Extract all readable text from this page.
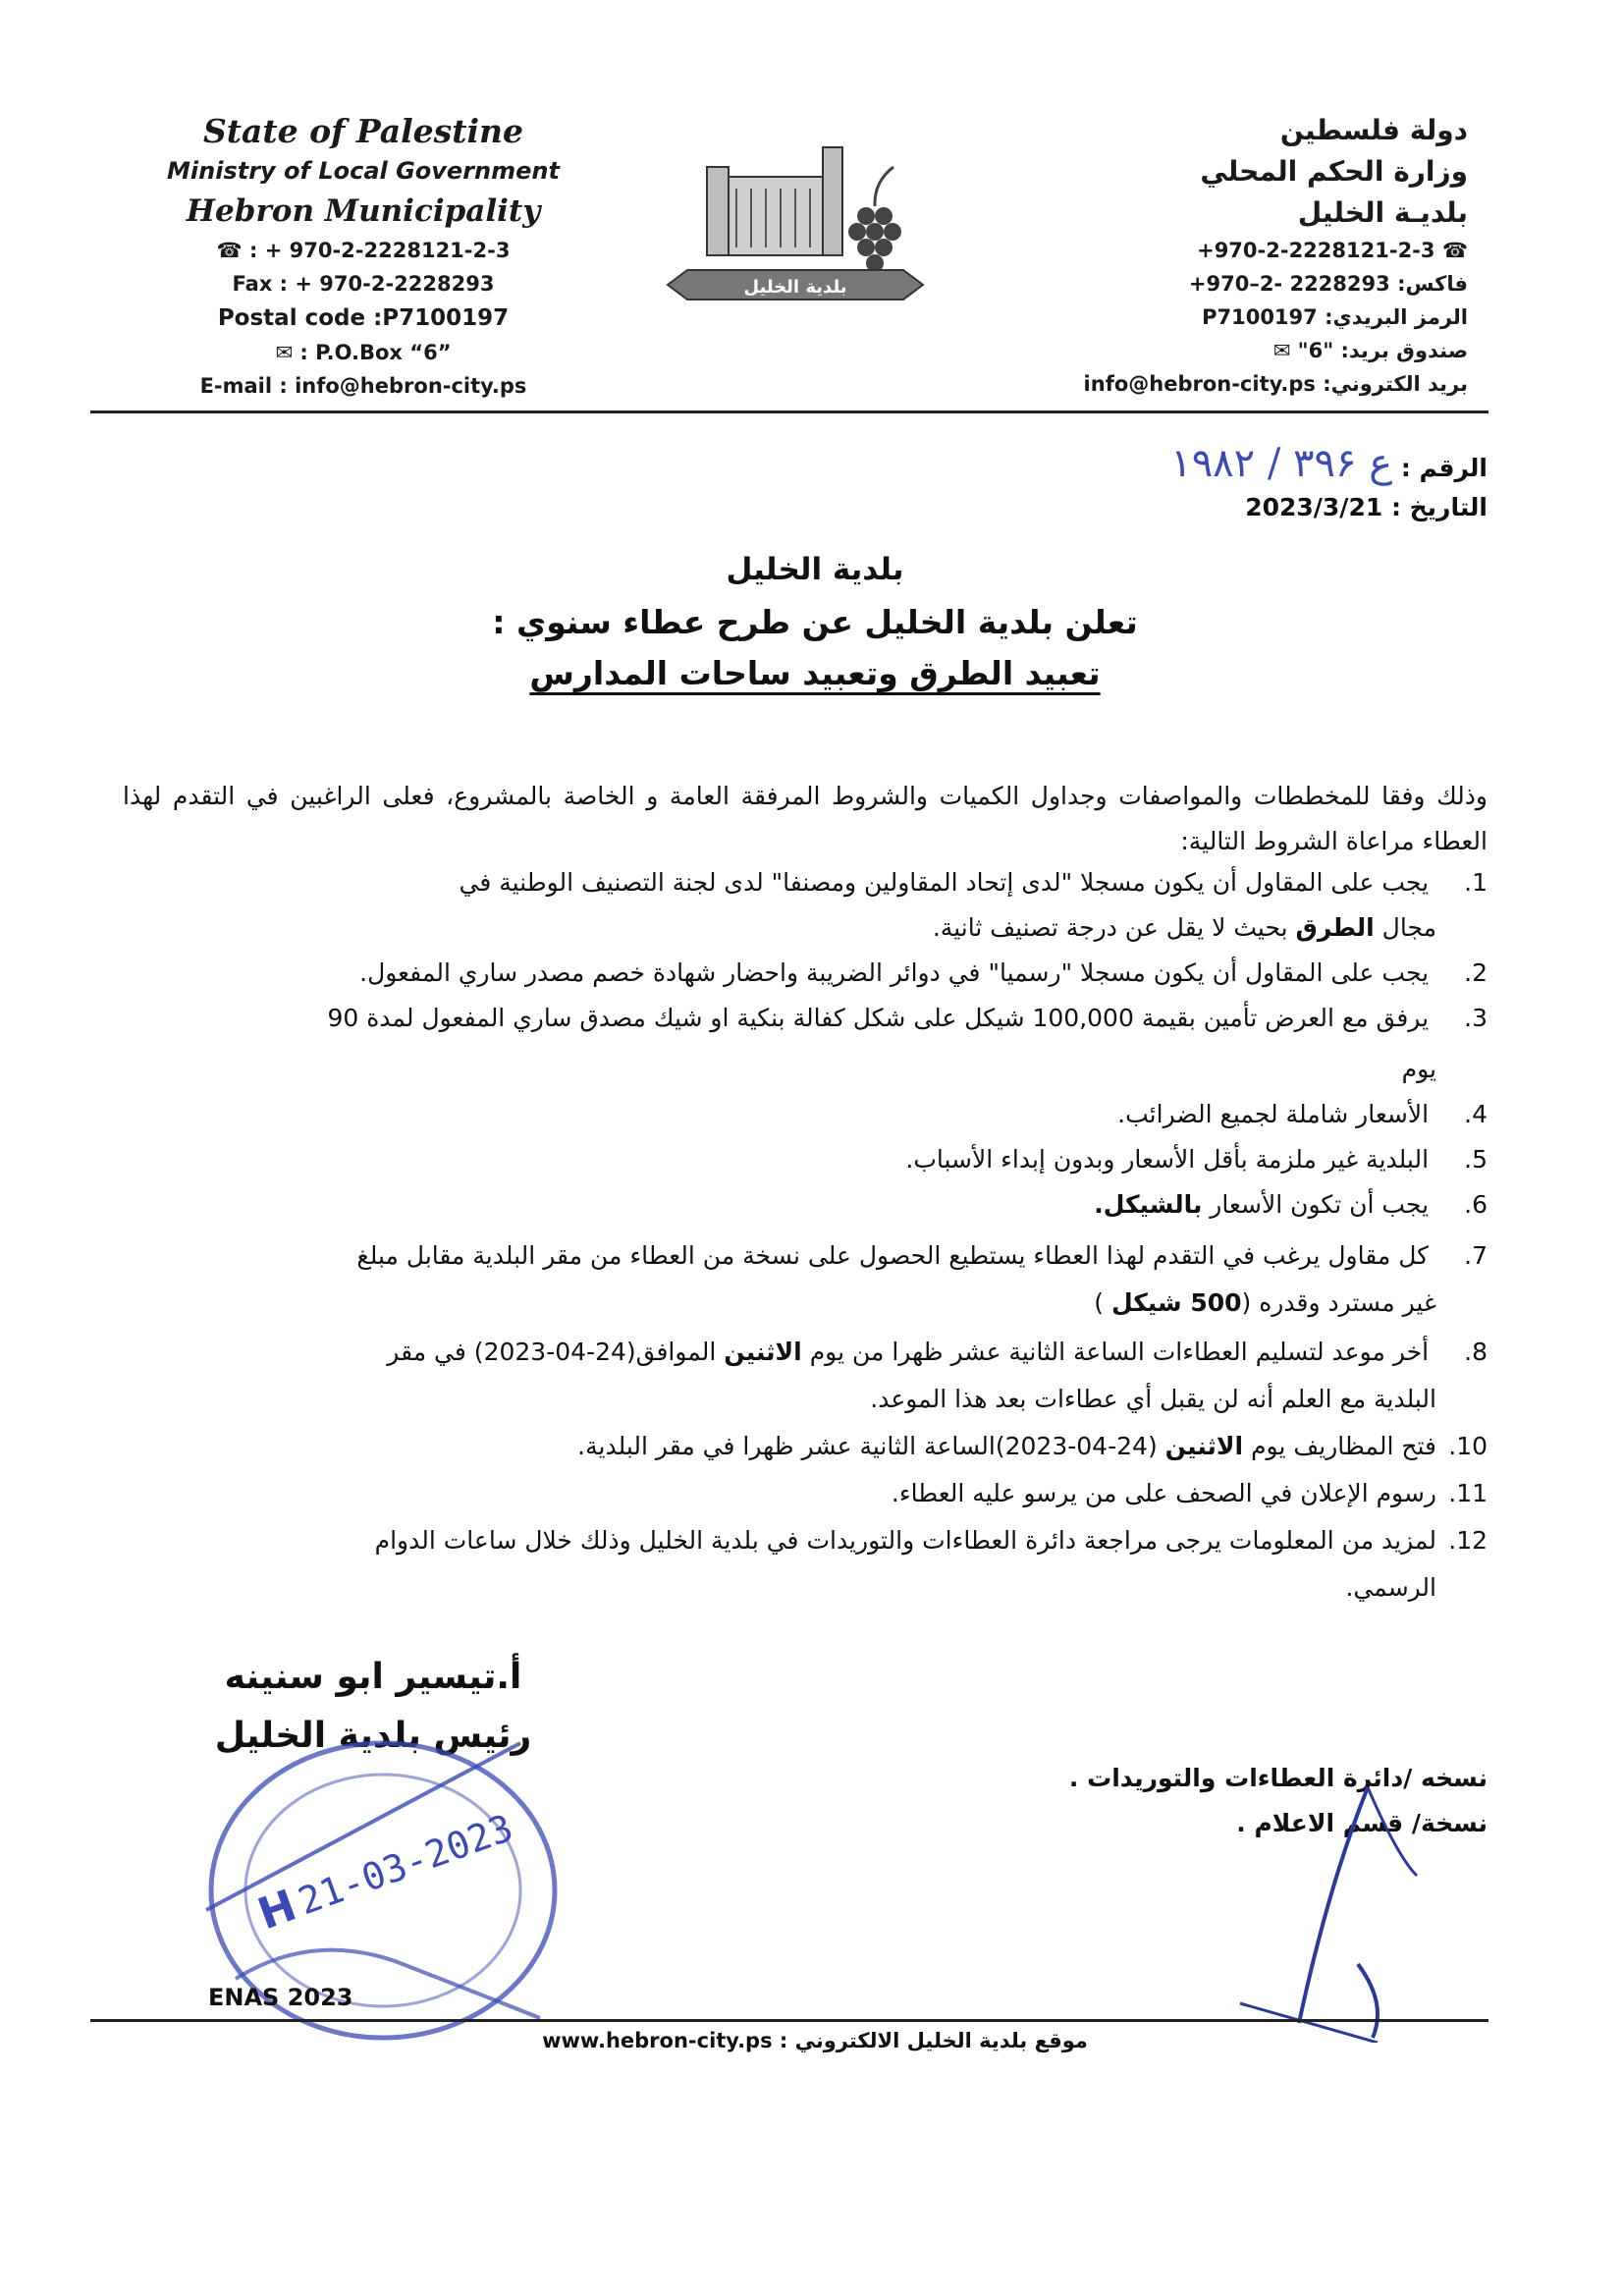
State of Palestine
Ministry of Local Government
Hebron Municipality
☎ : + 970-2-2228121-2-3
Fax : + 970-2-2228293
Postal code :P7100197
✉ : P.O.Box “6”
E-mail : info@hebron-city.ps
بلدية الخليل
دولة فلسطين
وزارة الحكم المحلي
بلديـة الخليل
☎ +970-2-2228121-2-3
فاكس: +970–2- 2228293
الرمز البريدي: P7100197
صندوق بريد: "6" ✉
بريد الكتروني: info@hebron-city.ps
الرقم : ع ۳۹۶ / ۱۹۸۲
التاريخ : 2023/3/21
بلدية الخليل
تعلن بلدية الخليل عن طرح عطاء سنوي :
تعبيد الطرق وتعبيد ساحات المدارس
وذلك وفقا للمخططات والمواصفات وجداول الكميات والشروط المرفقة العامة و الخاصة بالمشروع، فعلى الراغبين في التقدم لهذا العطاء مراعاة الشروط التالية:
1. يجب على المقاول أن يكون مسجلا "لدى إتحاد المقاولين ومصنفا" لدى لجنة التصنيف الوطنية في
مجال الطرق بحيث لا يقل عن درجة تصنيف ثانية.
2. يجب على المقاول أن يكون مسجلا "رسميا" في دوائر الضريبة واحضار شهادة خصم مصدر ساري المفعول.
3. يرفق مع العرض تأمين بقيمة 100,000 شيكل على شكل كفالة بنكية او شيك مصدق ساري المفعول لمدة 90
يوم
4. الأسعار شاملة لجميع الضرائب.
5. البلدية غير ملزمة بأقل الأسعار وبدون إبداء الأسباب.
6. يجب أن تكون الأسعار بالشيكل.
7. كل مقاول يرغب في التقدم لهذا العطاء يستطيع الحصول على نسخة من العطاء من مقر البلدية مقابل مبلغ
غير مسترد وقدره (500 شيكل )
8. أخر موعد لتسليم العطاءات الساعة الثانية عشر ظهرا من يوم الاثنين الموافق(24-04-2023) في مقر
البلدية مع العلم أنه لن يقبل أي عطاءات بعد هذا الموعد.
10.فتح المظاريف يوم الاثنين (24-04-2023)الساعة الثانية عشر ظهرا في مقر البلدية.
11.رسوم الإعلان في الصحف على من يرسو عليه العطاء.
12.لمزيد من المعلومات يرجى مراجعة دائرة العطاءات والتوريدات في بلدية الخليل وذلك خلال ساعات الدوام
الرسمي.
أ.تيسير ابو سنينه
رئيس بلدية الخليل
H
21-03-2023
نسخه /دائرة العطاءات والتوريدات .
نسخة/ قسم الاعلام .
ENAS 2023
موقع بلدية الخليل الالكتروني : www.hebron-city.ps
